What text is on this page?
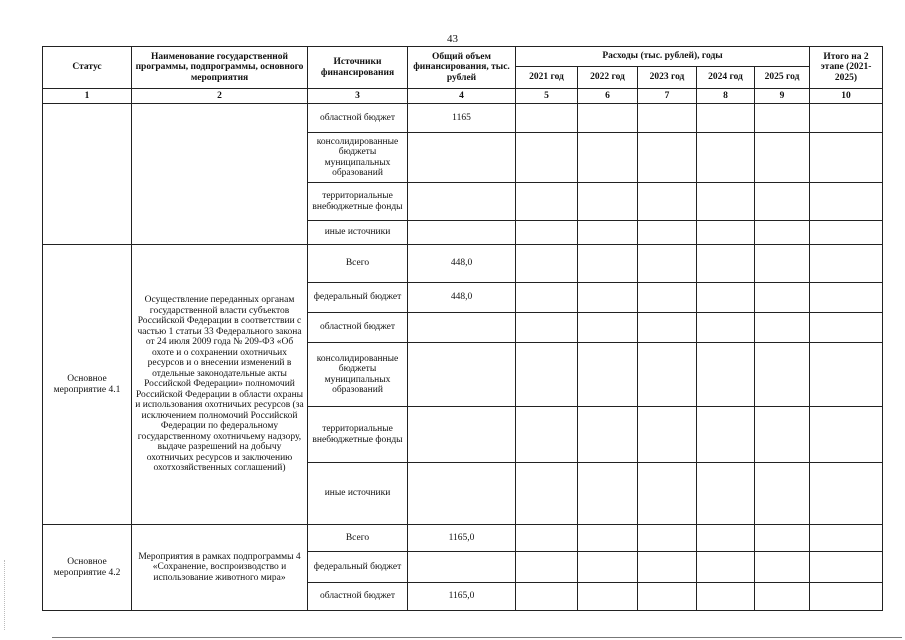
43
Статус	Наименование государственной программы, подпрограммы, основного мероприятия	Источники финансирования	Общий объем финансирования, тыс. рублей	Расходы (тыс. рублей), годы					Итого на 2 этапе (2021-2025)
				2021 год	2022 год	2023 год	2024 год	2025 год	
1	2	3	4	5	6	7	8	9	10
		областной бюджет	1165						
		консолидированные бюджеты муниципальных образований							
		территориальные внебюджетные фонды							
		иные источники							
Основное мероприятие 4.1	Осуществление переданных органам государственной власти субъектов Российской Федерации в соответствии с частью 1 статьи 33 Федерального закона от 24 июля 2009 года № 209-ФЗ «Об охоте и о сохранении охотничьих ресурсов и о внесении изменений в отдельные законодательные акты Российской Федерации» полномочий Российской Федерации в области охраны и использования охотничьих ресурсов (за исключением полномочий Российской Федерации по федеральному государственному охотничьему надзору, выдаче разрешений на добычу охотничьих ресурсов и заключению охотхозяйственных соглашений)	Всего	448,0						
		федеральный бюджет	448,0						
		областной бюджет							
		консолидированные бюджеты муниципальных образований							
		территориальные внебюджетные фонды							
		иные источники							
Основное мероприятие 4.2	Мероприятия в рамках подпрограммы 4 «Сохранение, воспроизводство и использование животного мира»	Всего	1165,0						
		федеральный бюджет							
		областной бюджет	1165,0						
